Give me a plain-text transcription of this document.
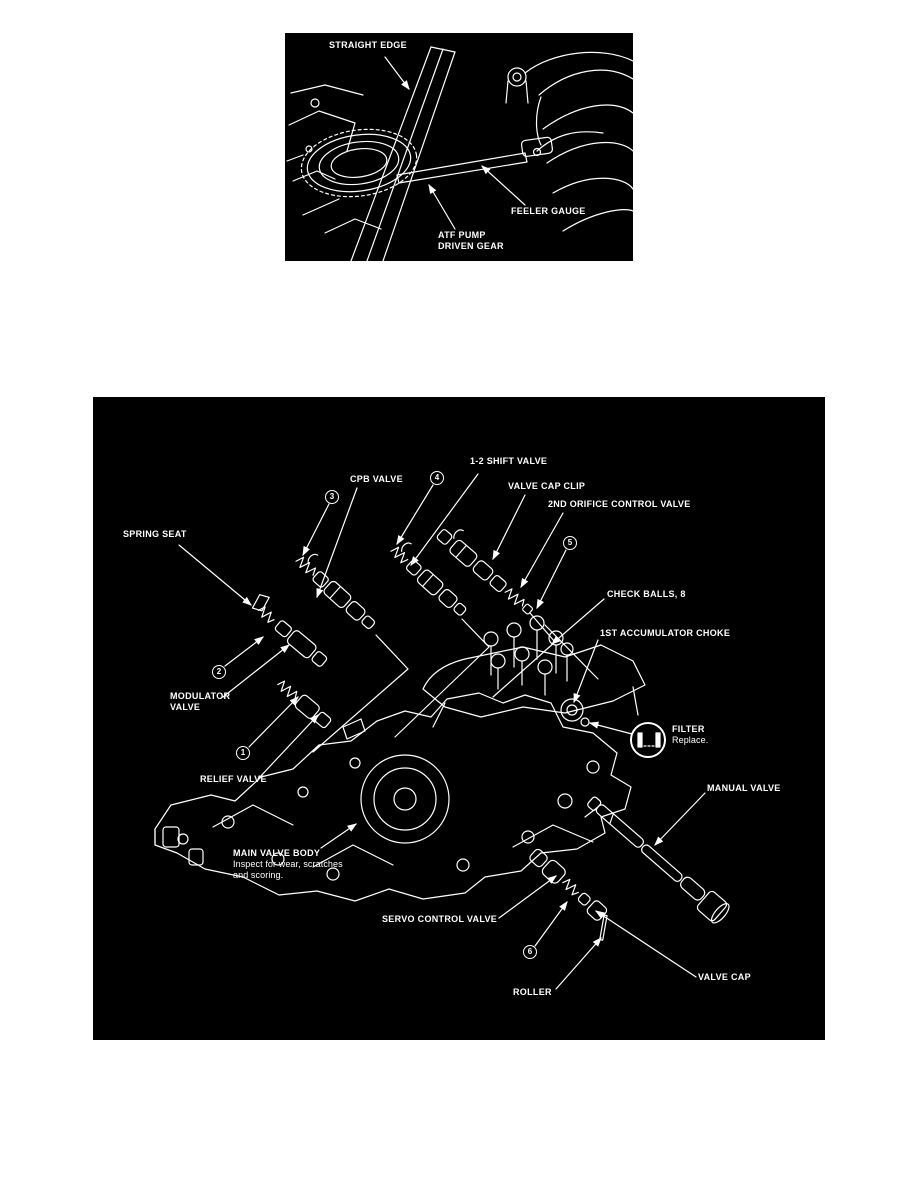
STRAIGHT EDGE
FEELER GAUGE
ATF PUMP
DRIVEN GEAR
1-2 SHIFT VALVE
CPB VALVE
VALVE CAP CLIP
2ND ORIFICE CONTROL VALVE
SPRING SEAT
CHECK BALLS, 8
1ST ACCUMULATOR CHOKE
MODULATOR
VALVE
RELIEF VALVE
FILTER
Replace.
MANUAL VALVE
MAIN VALVE BODY
Inspect for wear, scratches
and scoring.
SERVO CONTROL VALVE
VALVE CAP
ROLLER
1
2
3
4
5
6
